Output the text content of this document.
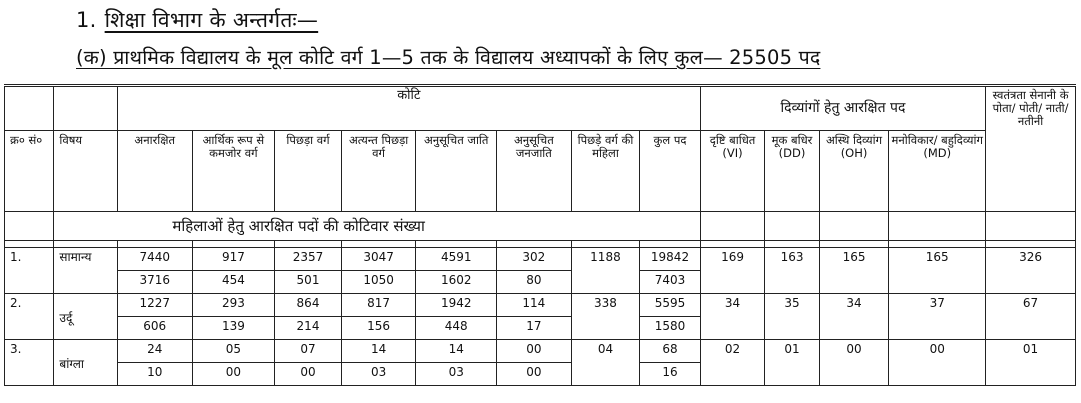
1. शिक्षा विभाग के अन्तर्गतः—
(क) प्राथमिक विद्यालय के मूल कोटि वर्ग 1—5 तक के विद्यालय अध्यापकों के लिए कुल— 25505 पद
		कोटि								दिव्यांगों हेतु आरक्षित पद				स्वतंत्रता सेनानी के पोता/ पोती/ नाती/ नतीनी
क्र० सं०	विषय	अनारक्षित	आर्थिक रूप से कमजोर वर्ग	पिछड़ा वर्ग	अत्यन्त पिछड़ा वर्ग	अनुसूचित जाति	अनुसूचित जनजाति	पिछड़े वर्ग की महिला	कुल पद	दृष्टि बाधित (VI)	मूक बधिर (DD)	अस्थि दिव्यांग (OH)	मनोविकार/ बहुदिव्यांग (MD)	
	महिलाओं हेतु आरक्षित पदों की कोटिवार संख्या													

1.	सामान्य	7440	917	2357	3047	4591	302	1188	19842	169	163	165	165	326
		3716	454	501	1050	1602	80		7403					
2.	उर्दू	1227	293	864	817	1942	114	338	5595	34	35	34	37	67
		606	139	214	156	448	17		1580					
3.	बांग्ला	24	05	07	14	14	00	04	68	02	01	00	00	01
		10	00	00	03	03	00		16					
